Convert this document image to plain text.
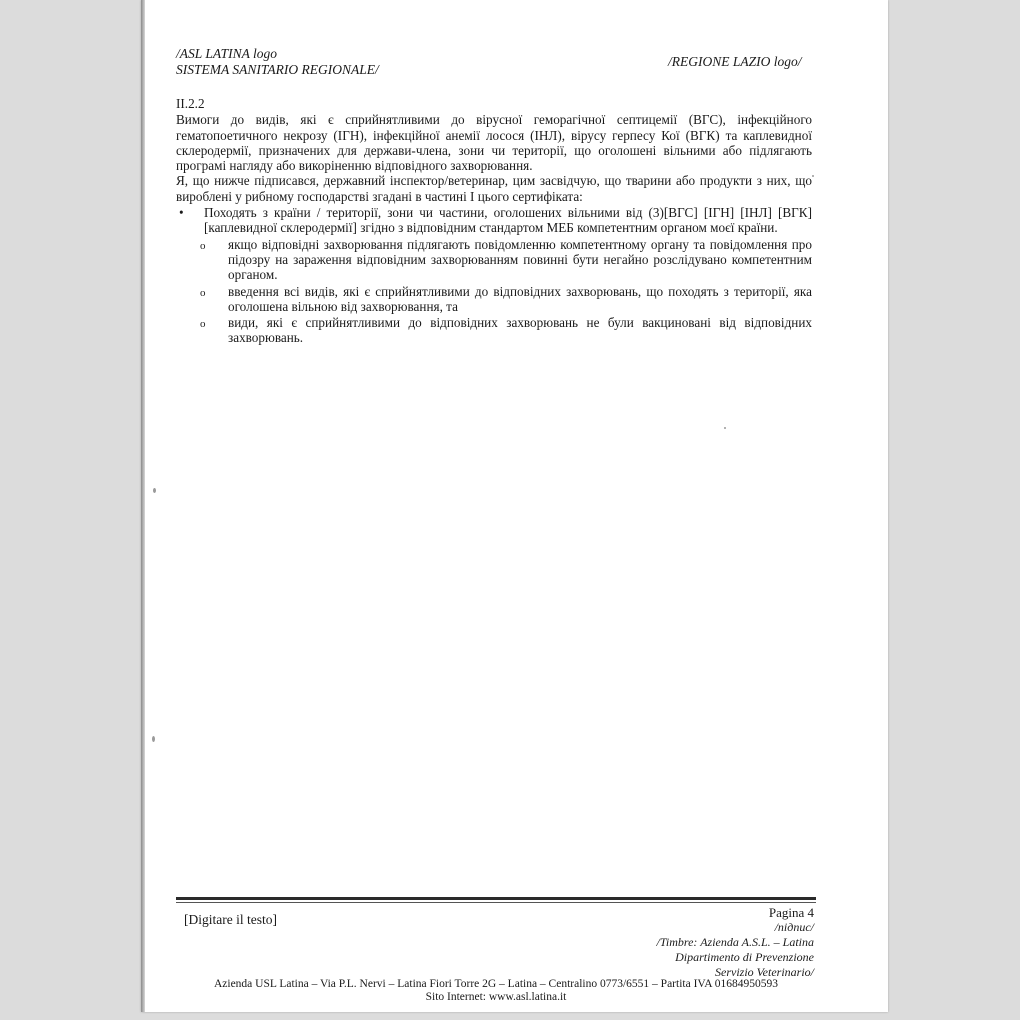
/ASL LATINA logo
SISTEMA SANITARIO REGIONALE/
/REGIONE LAZIO logo/

II.2.2

Вимоги до видів, які є сприйнятливими до вірусної геморагічної септицемії (ВГС), інфекційного гематопоетичного некрозу (ІГН), інфекційної анемії лосося (ІНЛ), вірусу герпесу Кої (ВГК) та каплевидної склеродермії, призначених для держави-члена, зони чи території, що оголошені вільними або підлягають програмі нагляду або викоріненню відповідного захворювання.

Я, що нижче підписався, державний інспектор/ветеринар, цим засвідчую, що тварини або продукти з них, що вироблені у рибному господарстві згадані в частині I цього сертифіката:

•	Походять з країни / території, зони чи частини, оголошених вільними від (3)[ВГС] [ІГН] [ІНЛ] [ВГК] [каплевидної склеродермії] згідно з відповідним стандартом МЕБ компетентним органом моєї країни.

o	якщо відповідні захворювання підлягають повідомленню компетентному органу та повідомлення про підозру на зараження відповідним захворюванням повинні бути негайно розслідувано компетентним органом.

o	введення всі видів, які є сприйнятливими до відповідних захворювань, що походять з території, яка оголошена вільною від захворювання, та

o	види, які є сприйнятливими до відповідних захворювань не були вакциновані від відповідних захворювань.

[Digitare il testo]	Pagina 4
/підпис/
/Timbre: Azienda A.S.L. – Latina
Dipartimento di Prevenzione
Servizio Veterinario/
Azienda USL Latina – Via P.L. Nervi – Latina Fiori Torre 2G – Latina – Centralino 0773/6551 – Partita IVA 01684950593
Sito Internet: www.asl.latina.it
